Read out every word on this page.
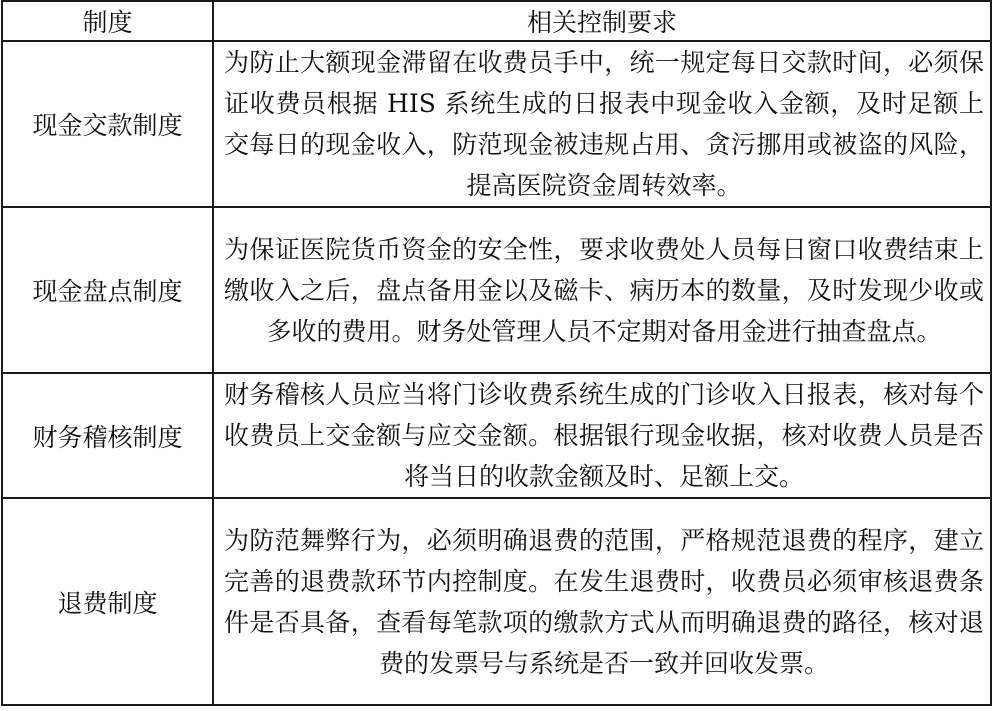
制度	相关控制要求
现金交款制度	为防止大额现金滞留在收费员手中，统一规定每日交款时间，必须保证收费员根据 HIS 系统生成的日报表中现金收入金额，及时足额上交每日的现金收入，防范现金被违规占用、贪污挪用或被盗的风险，提高医院资金周转效率。
现金盘点制度	为保证医院货币资金的安全性，要求收费处人员每日窗口收费结束上缴收入之后，盘点备用金以及磁卡、病历本的数量，及时发现少收或多收的费用。财务处管理人员不定期对备用金进行抽查盘点。
财务稽核制度	财务稽核人员应当将门诊收费系统生成的门诊收入日报表，核对每个收费员上交金额与应交金额。根据银行现金收据，核对收费人员是否将当日的收款金额及时、足额上交。
退费制度	为防范舞弊行为，必须明确退费的范围，严格规范退费的程序，建立完善的退费款环节内控制度。在发生退费时，收费员必须审核退费条件是否具备，查看每笔款项的缴款方式从而明确退费的路径，核对退费的发票号与系统是否一致并回收发票。
